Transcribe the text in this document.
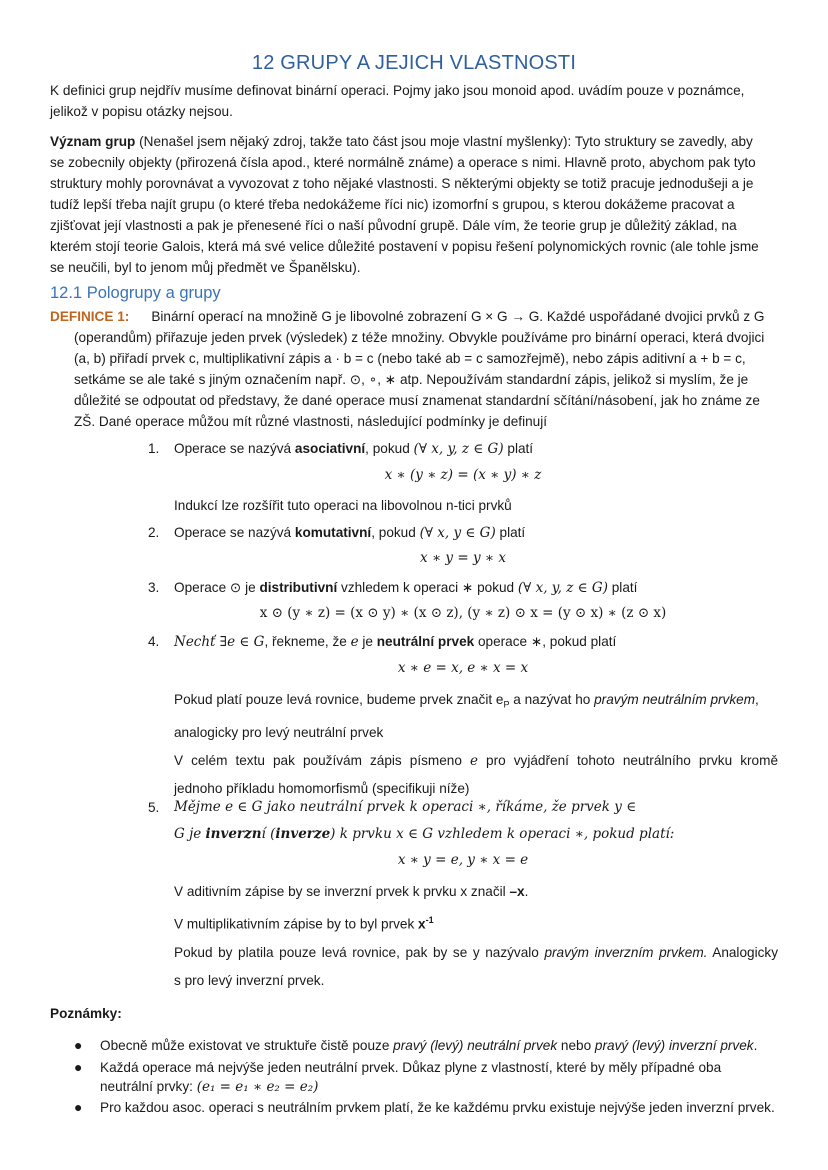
12 GRUPY A JEJICH VLASTNOSTI
K definici grup nejdřív musíme definovat binární operaci. Pojmy jako jsou monoid apod. uvádím pouze v poznámce,
jelikož v popisu otázky nejsou.
Význam grup (Nenašel jsem nějaký zdroj, takže tato část jsou moje vlastní myšlenky): Tyto struktury se zavedly, aby
se zobecnily objekty (přirozená čísla apod., které normálně známe) a operace s nimi. Hlavně proto, abychom pak tyto
struktury mohly porovnávat a vyvozovat z toho nějaké vlastnosti. S některými objekty se totiž pracuje jednodušeji a je
tudíž lepší třeba najít grupu (o které třeba nedokážeme říci nic) izomorfní s grupou, s kterou dokážeme pracovat a
zjišťovat její vlastnosti a pak je přenesené říci o naší původní grupě. Dále vím, že teorie grup je důležitý základ, na
kterém stojí teorie Galois, která má své velice důležité postavení v popisu řešení polynomických rovnic (ale tohle jsme
se neučili, byl to jenom můj předmět ve Španělsku).
12.1 Pologrupy a grupy
DEFINICE 1: Binární operací na množině G je libovolné zobrazení G × G → G. Každé uspořádané dvojici prvků z G
(operandům) přiřazuje jeden prvek (výsledek) z téže množiny. Obvykle používáme pro binární operaci, která dvojici
(a, b) přiřadí prvek c, multiplikativní zápis a · b = c (nebo také ab = c samozřejmě), nebo zápis aditivní a + b = c,
setkáme se ale také s jiným označením např. ⊙, ∘, ∗ atp. Nepoužívám standardní zápis, jelikož si myslím, že je
důležité se odpoutat od představy, že dané operace musí znamenat standardní sčítání/násobení, jak ho známe ze
ZŠ. Dané operace můžou mít různé vlastnosti, následující podmínky je definují
1.	Operace se nazývá asociativní, pokud (∀ x, y, z ∈ G) platí
x ∗ (y ∗ z) = (x ∗ y) ∗ z
Indukcí lze rozšířit tuto operaci na libovolnou n-tici prvků
2.	Operace se nazývá komutativní, pokud (∀ x, y ∈ G) platí
x ∗ y = y ∗ x
3.	Operace ⊙ je distributivní vzhledem k operaci ∗ pokud (∀ x, y, z ∈ G) platí
x ⊙ (y ∗ z) = (x ⊙ y) ∗ (x ⊙ z), (y ∗ z) ⊙ x = (y ⊙ x) ∗ (z ⊙ x)
4.	Nechť ∃e ∈ G, řekneme, že e je neutrální prvek operace ∗, pokud platí
x ∗ e = x, e ∗ x = x
Pokud platí pouze levá rovnice, budeme prvek značit $e_P$ a nazývat ho pravým neutrálním prvkem,
analogicky pro levý neutrální prvek
V celém textu pak používám zápis písmeno e pro vyjádření tohoto neutrálního prvku kromě
jednoho příkladu homomorfismů (specifikuji níže)
5.	Mějme e ∈ G jako neutrální prvek k operaci ∗, říkáme, že prvek y ∈
G je inverzní (inverze) k prvku x ∈ G vzhledem k operaci ∗, pokud platí:
x ∗ y = e, y ∗ x = e
V aditivním zápise by se inverzní prvek k prvku x značil –x.
V multiplikativním zápise by to byl prvek $x^{-1}$
Pokud by platila pouze levá rovnice, pak by se y nazývalo pravým inverzním prvkem. Analogicky
s pro levý inverzní prvek.
Poznámky:
● Obecně může existovat ve struktuře čistě pouze pravý (levý) neutrální prvek nebo pravý (levý) inverzní prvek.
● Každá operace má nejvýše jeden neutrální prvek. Důkaz plyne z vlastností, které by měly případné oba
neutrální prvky: (e₁ = e₁ ∗ e₂ = e₂)
● Pro každou asoc. operaci s neutrálním prvkem platí, že ke každému prvku existuje nejvýše jeden inverzní prvek.
